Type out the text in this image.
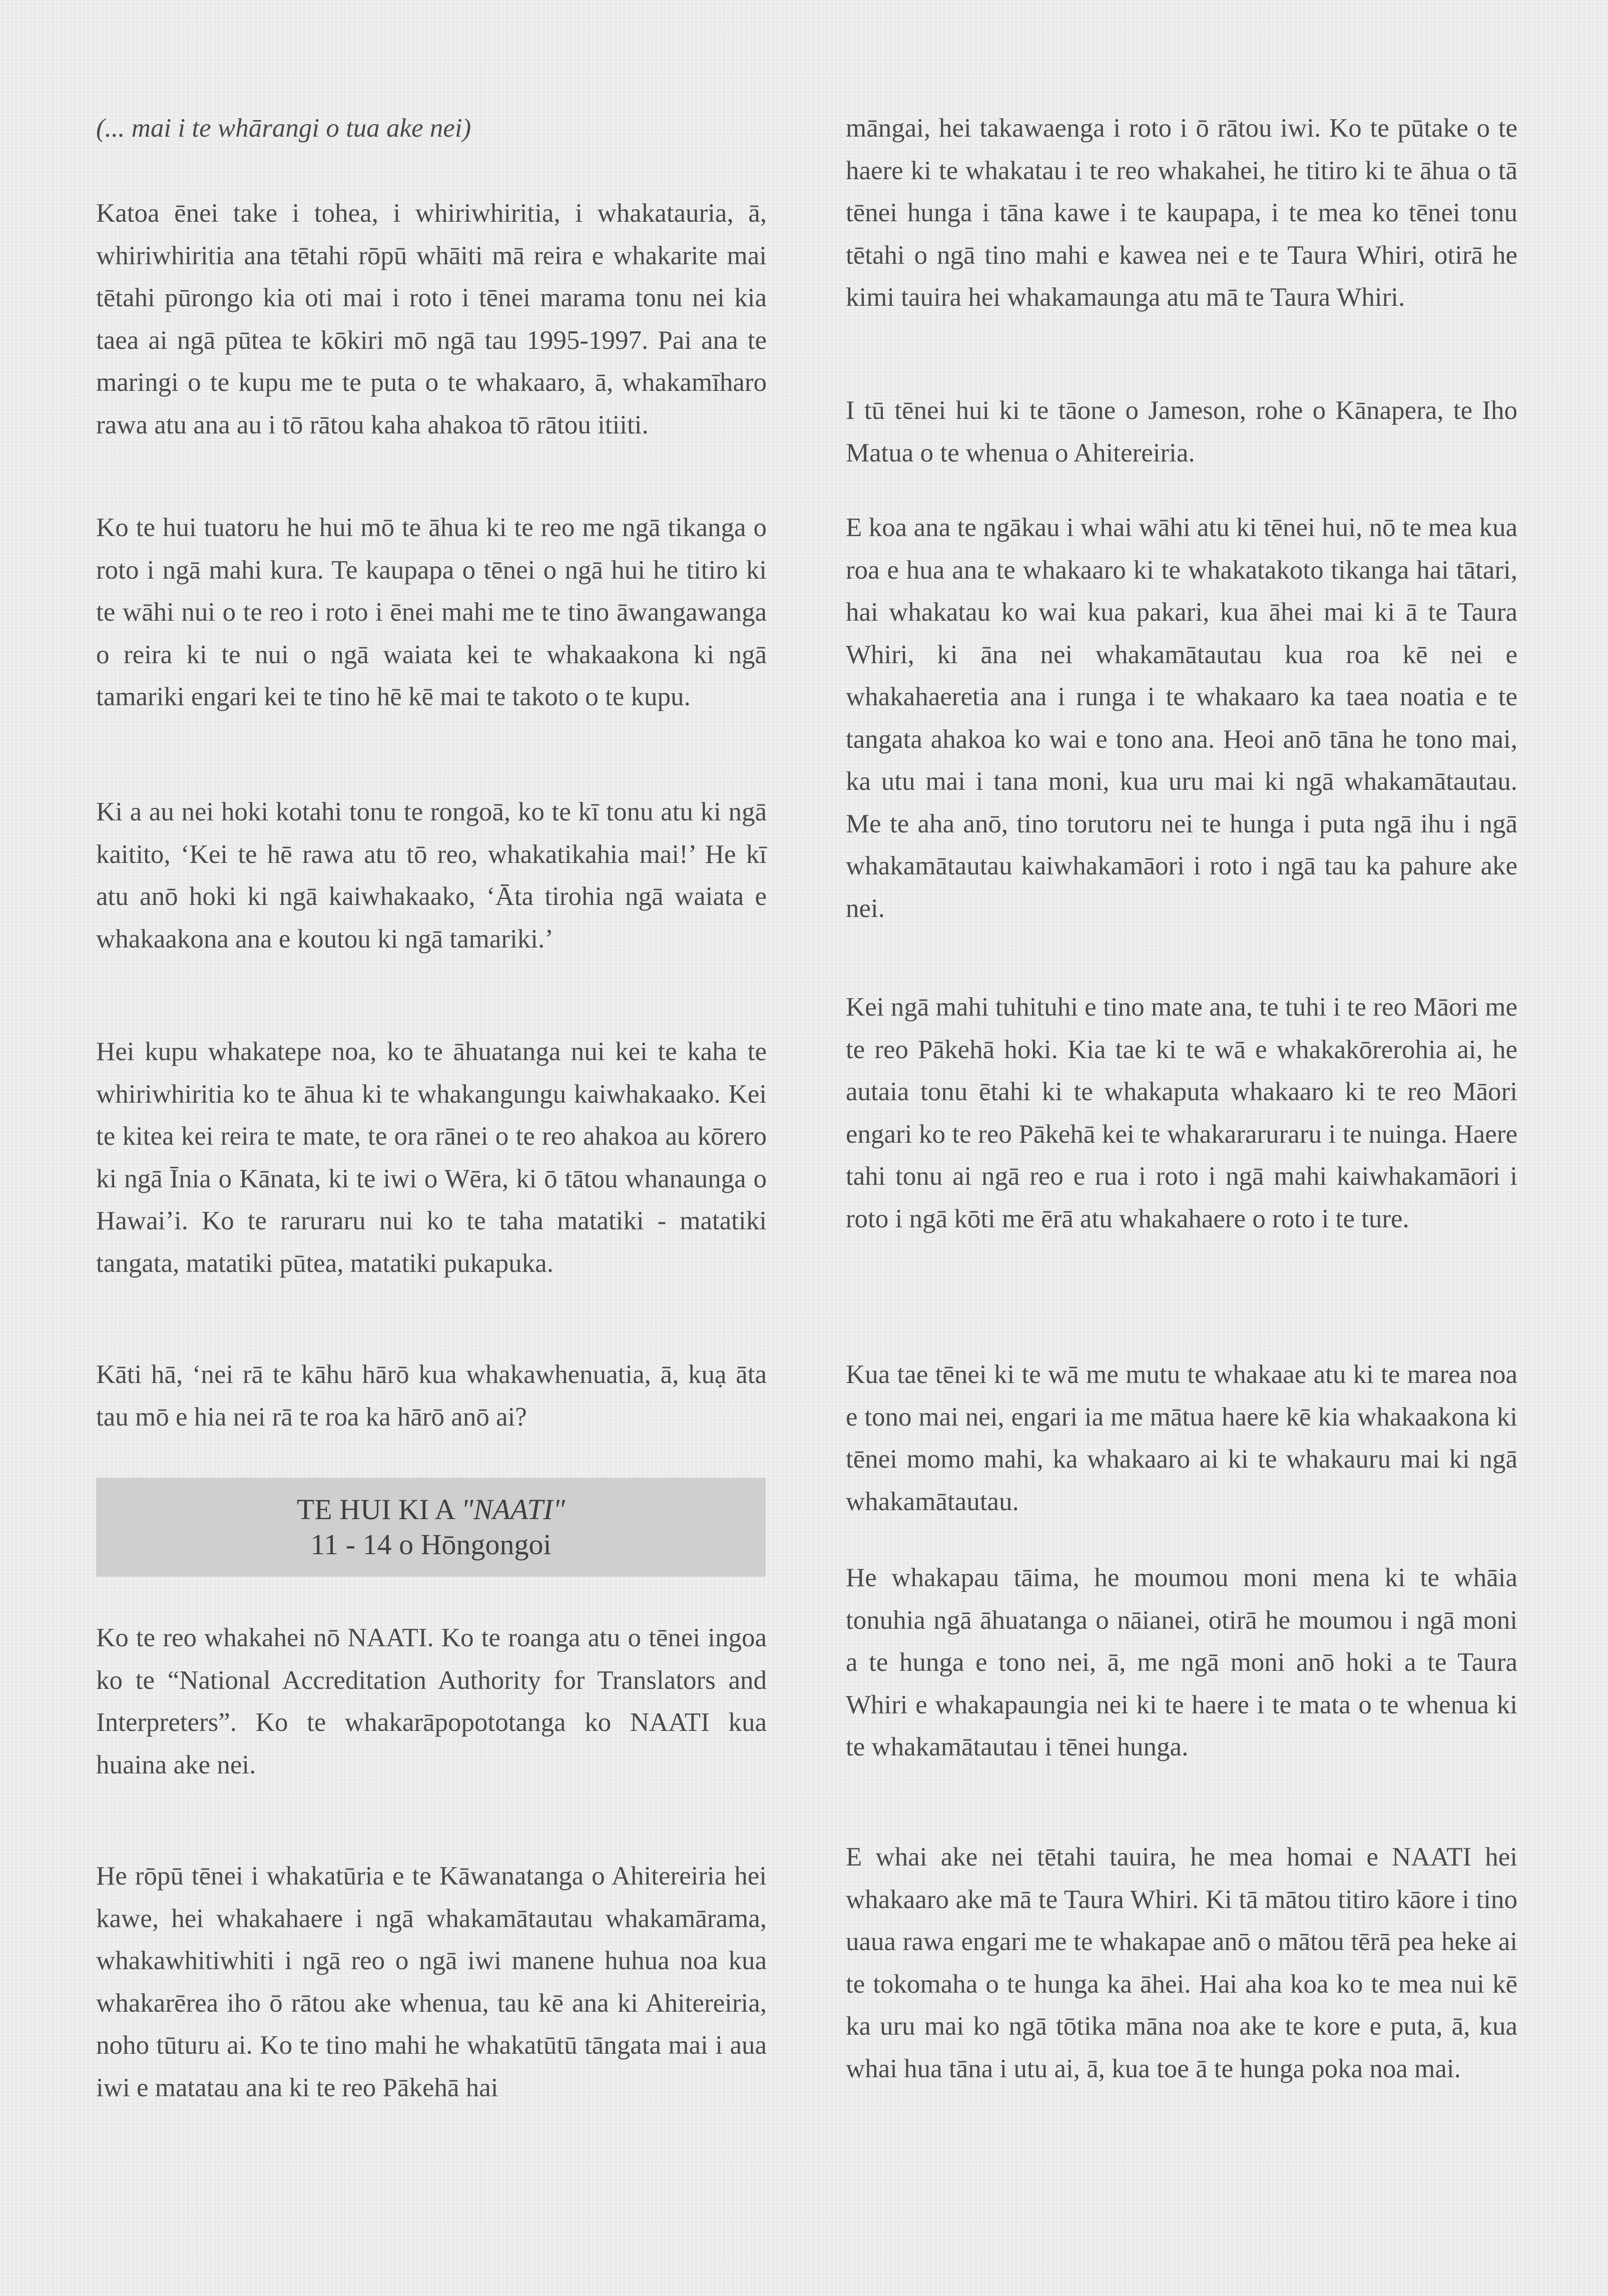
(... mai i te whārangi o tua ake nei)

Katoa ēnei take i tohea, i whiriwhiritia, i whakatauria, ā, whiriwhiritia ana tētahi rōpū whāiti mā reira e whakarite mai tētahi pūrongo kia oti mai i roto i tēnei marama tonu nei kia taea ai ngā pūtea te kōkiri mō ngā tau 1995-1997. Pai ana te maringi o te kupu me te puta o te whakaaro, ā, whakamīharo rawa atu ana au i tō rātou kaha ahakoa tō rātou itiiti.

Ko te hui tuatoru he hui mō te āhua ki te reo me ngā tikanga o roto i ngā mahi kura. Te kaupapa o tēnei o ngā hui he titiro ki te wāhi nui o te reo i roto i ēnei mahi me te tino āwangawanga o reira ki te nui o ngā waiata kei te whakaakona ki ngā tamariki engari kei te tino hē kē mai te takoto o te kupu.

Ki a au nei hoki kotahi tonu te rongoā, ko te kī tonu atu ki ngā kaitito, ‘Kei te hē rawa atu tō reo, whakatikahia mai!’ He kī atu anō hoki ki ngā kaiwhakaako, ‘Āta tirohia ngā waiata e whakaakona ana e koutou ki ngā tamariki.’

Hei kupu whakatepe noa, ko te āhuatanga nui kei te kaha te whiriwhiritia ko te āhua ki te whakangungu kaiwhakaako. Kei te kitea kei reira te mate, te ora rānei o te reo ahakoa au kōrero ki ngā Īnia o Kānata, ki te iwi o Wēra, ki ō tātou whanaunga o Hawai’i. Ko te raruraru nui ko te taha matatiki - matatiki tangata, matatiki pūtea, matatiki pukapuka.

Kāti hā, ‘nei rā te kāhu hārō kua whakawhenuatia, ā, kuạ āta tau mō e hia nei rā te roa ka hārō anō ai?

TE HUI KI A "NAATI"
11 - 14 o Hōngongoi

Ko te reo whakahei nō NAATI. Ko te roanga atu o tēnei ingoa ko te “National Accreditation Authority for Translators and Interpreters”. Ko te whakarāpopototanga ko NAATI kua huaina ake nei.

He rōpū tēnei i whakatūria e te Kāwanatanga o Ahitereiria hei kawe, hei whakahaere i ngā whakamātautau whakamārama, whakawhitiwhiti i ngā reo o ngā iwi manene huhua noa kua whakarērea iho ō rātou ake whenua, tau kē ana ki Ahitereiria, noho tūturu ai. Ko te tino mahi he whakatūtū tāngata mai i aua iwi e matatau ana ki te reo Pākehā hai

māngai, hei takawaenga i roto i ō rātou iwi. Ko te pūtake o te haere ki te whakatau i te reo whakahei, he titiro ki te āhua o tā tēnei hunga i tāna kawe i te kaupapa, i te mea ko tēnei tonu tētahi o ngā tino mahi e kawea nei e te Taura Whiri, otirā he kimi tauira hei whakamaunga atu mā te Taura Whiri.

I tū tēnei hui ki te tāone o Jameson, rohe o Kānapera, te Iho Matua o te whenua o Ahitereiria.

E koa ana te ngākau i whai wāhi atu ki tēnei hui, nō te mea kua roa e hua ana te whakaaro ki te whakatakoto tikanga hai tātari, hai whakatau ko wai kua pakari, kua āhei mai ki ā te Taura Whiri, ki āna nei whakamātautau kua roa kē nei e whakahaeretia ana i runga i te whakaaro ka taea noatia e te tangata ahakoa ko wai e tono ana. Heoi anō tāna he tono mai, ka utu mai i tana moni, kua uru mai ki ngā whakamātautau. Me te aha anō, tino torutoru nei te hunga i puta ngā ihu i ngā whakamātautau kaiwhakamāori i roto i ngā tau ka pahure ake nei.

Kei ngā mahi tuhituhi e tino mate ana, te tuhi i te reo Māori me te reo Pākehā hoki. Kia tae ki te wā e whakakōrerohia ai, he autaia tonu ētahi ki te whakaputa whakaaro ki te reo Māori engari ko te reo Pākehā kei te whakararuraru i te nuinga. Haere tahi tonu ai ngā reo e rua i roto i ngā mahi kaiwhakamāori i roto i ngā kōti me ērā atu whakahaere o roto i te ture.

Kua tae tēnei ki te wā me mutu te whakaae atu ki te marea noa e tono mai nei, engari ia me mātua haere kē kia whakaakona ki tēnei momo mahi, ka whakaaro ai ki te whakauru mai ki ngā whakamātautau.

He whakapau tāima, he moumou moni mena ki te whāia tonuhia ngā āhuatanga o nāianei, otirā he moumou i ngā moni a te hunga e tono nei, ā, me ngā moni anō hoki a te Taura Whiri e whakapaungia nei ki te haere i te mata o te whenua ki te whakamātautau i tēnei hunga.

E whai ake nei tētahi tauira, he mea homai e NAATI hei whakaaro ake mā te Taura Whiri. Ki tā mātou titiro kāore i tino uaua rawa engari me te whakapae anō o mātou tērā pea heke ai te tokomaha o te hunga ka āhei. Hai aha koa ko te mea nui kē ka uru mai ko ngā tōtika māna noa ake te kore e puta, ā, kua whai hua tāna i utu ai, ā, kua toe ā te hunga poka noa mai.
